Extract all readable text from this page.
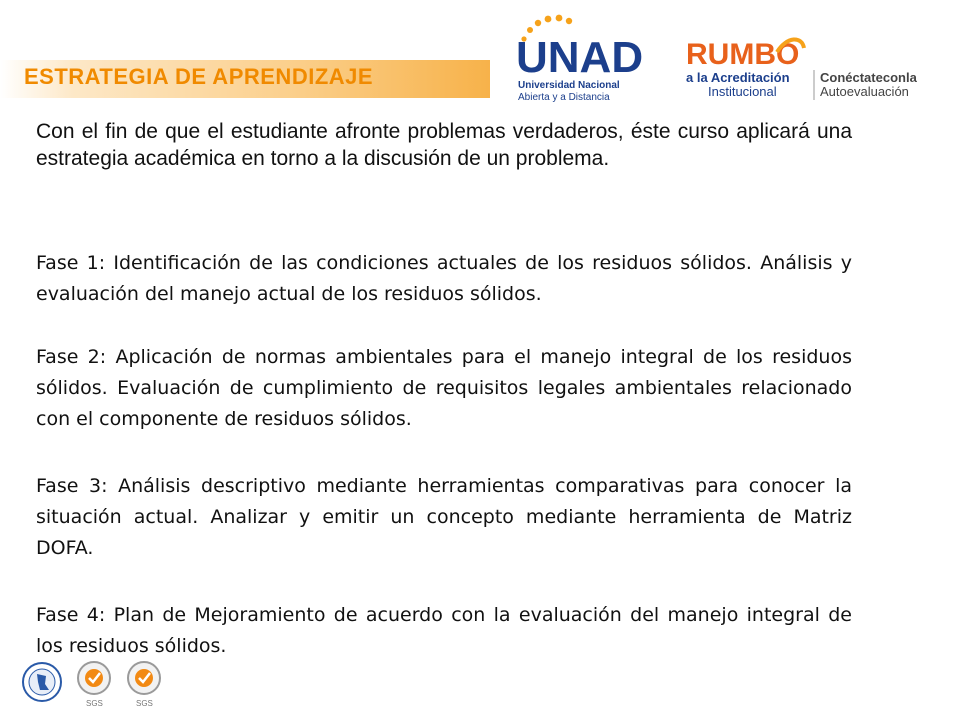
ESTRATEGIA DE APRENDIZAJE	UNAD
Universidad Nacional
Abierta y a Distancia
RUMBO
a la Acreditación
Institucional
Conéctateconla
Autoevaluación
Con el fin de que el estudiante afronte problemas verdaderos, éste curso aplicará una estrategia académica en torno a la discusión de un problema.
Fase 1: Identificación de las condiciones actuales de los residuos sólidos. Análisis y evaluación del manejo actual de los residuos sólidos.
Fase 2: Aplicación de normas ambientales para el manejo integral de los residuos sólidos. Evaluación de cumplimiento de requisitos legales ambientales relacionado con el componente de residuos sólidos.
Fase 3: Análisis descriptivo mediante herramientas comparativas para conocer la situación actual. Analizar y emitir un concepto mediante herramienta de Matriz DOFA.
Fase 4: Plan de Mejoramiento de acuerdo con la evaluación del manejo integral de los residuos sólidos.
SGS	SGS
